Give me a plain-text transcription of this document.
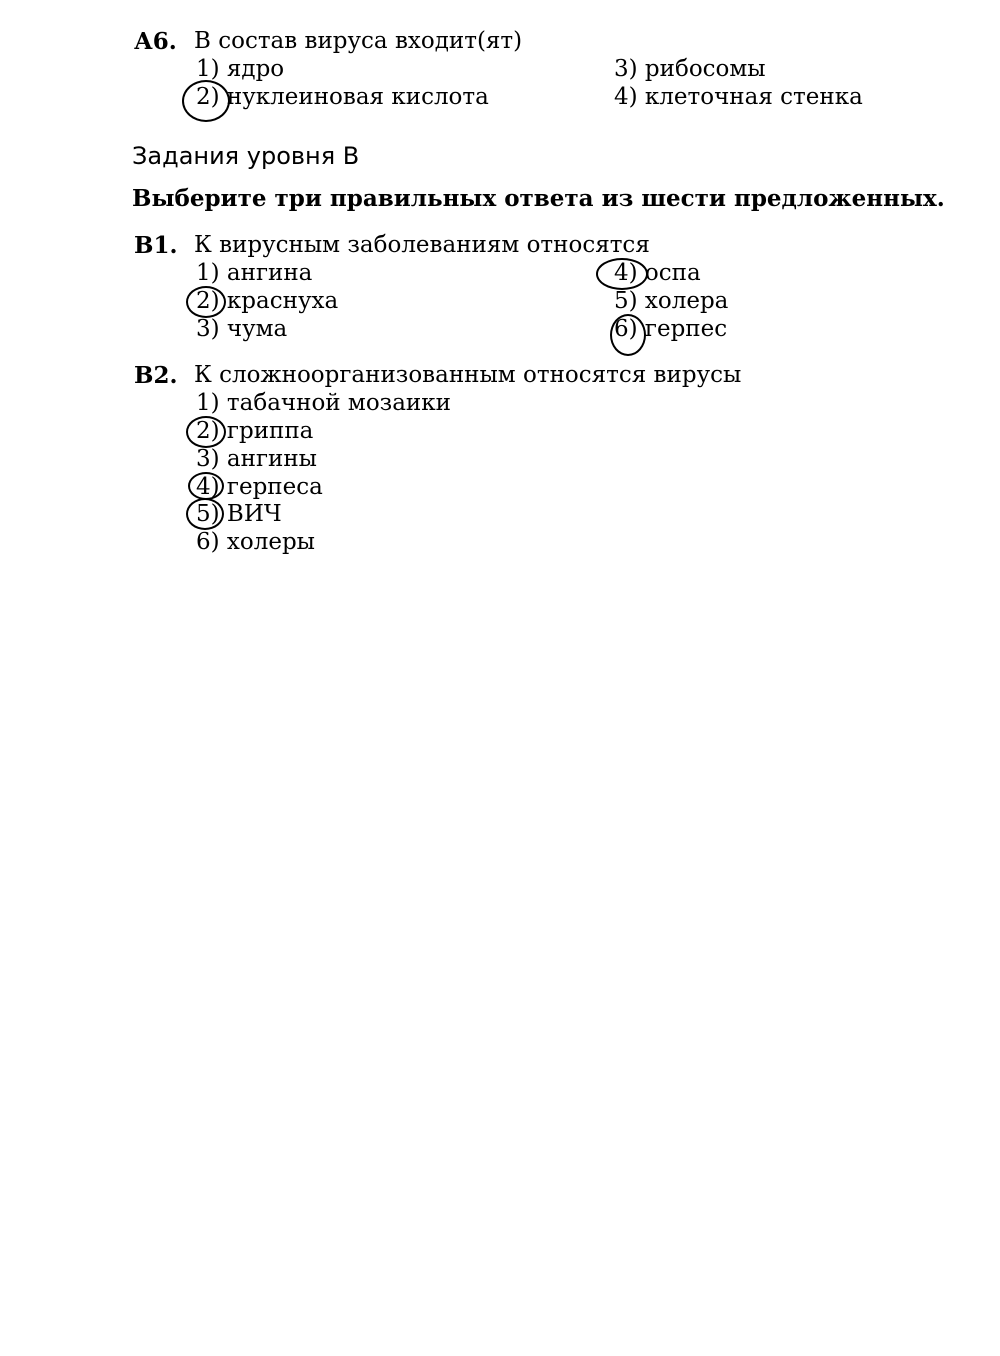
А6. В состав вируса входит(ят)
1) ядро
2) нуклеиновая кислота
3) рибосомы
4) клеточная стенка
Задания уровня В
Выберите три правильных ответа из шести предложенных.
В1. К вирусным заболеваниям относятся
1) ангина
2) краснуха
3) чума
4) оспа
5) холера
6) герпес
В2. К сложноорганизованным относятся вирусы
1) табачной мозаики
2) гриппа
3) ангины
4) герпеса
5) ВИЧ
6) холеры
